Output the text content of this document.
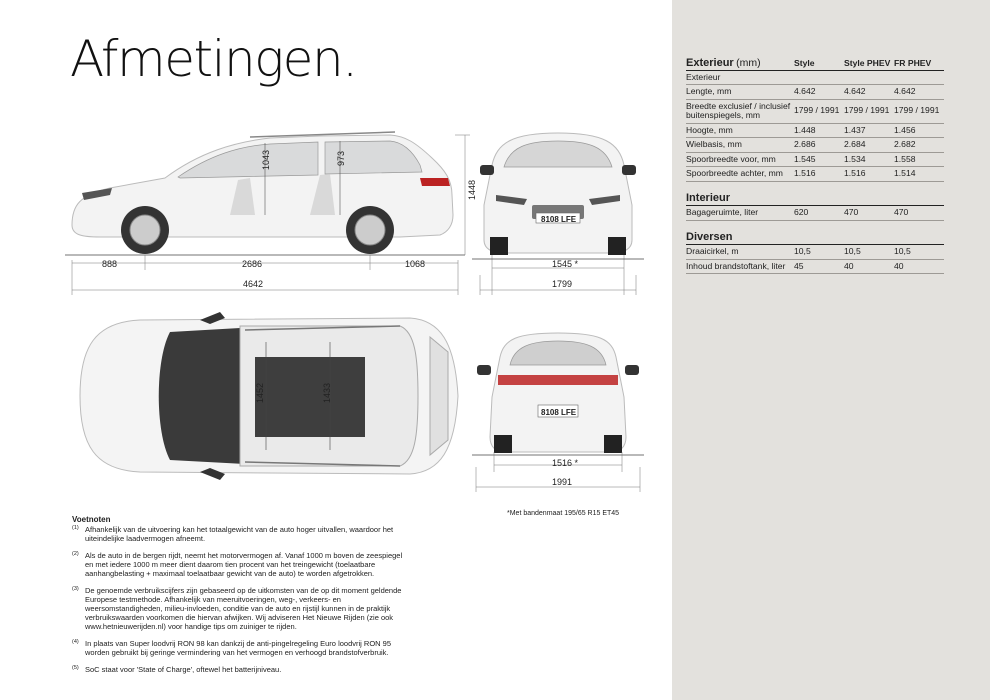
Afmetingen.
1043	973
1448
888	2686	1068
4642
8108 LFE
1545 *
1799
1452	1433
8108 LFE
1516 *
1991
*Met bandenmaat 195/65 R15 ET45
Exterieur (mm)	Style	Style PHEV	FR PHEV
Exterieur			
Lengte, mm	4.642	4.642	4.642
Breedte exclusief / inclusief buitenspiegels, mm	1799 / 1991	1799 / 1991	1799 / 1991
Hoogte, mm	1.448	1.437	1.456
Wielbasis, mm	2.686	2.684	2.682
Spoorbreedte voor, mm	1.545	1.534	1.558
Spoorbreedte achter, mm	1.516	1.516	1.514
Interieur			
Bagageruimte, liter	620	470	470
Diversen			
Draaicirkel, m	10,5	10,5	10,5
Inhoud brandstoftank, liter	45	40	40
Voetnoten
(1) Afhankelijk van de uitvoering kan het totaalgewicht van de auto hoger uitvallen, waardoor het uiteindelijke laadvermogen afneemt.
(2) Als de auto in de bergen rijdt, neemt het motorvermogen af. Vanaf 1000 m boven de zeespiegel en met iedere 1000 m meer dient daarom tien procent van het treingewicht (toelaatbare aanhangbelasting + maximaal toelaatbaar gewicht van de auto) te worden afgetrokken.
(3) De genoemde verbruikscijfers zijn gebaseerd op de uitkomsten van de op dit moment geldende Europese testmethode. Afhankelijk van meeruitvoeringen, weg-, verkeers- en weersomstandigheden, milieu-invloeden, conditie van de auto en rijstijl kunnen in de praktijk verbruikswaarden voorkomen die hiervan afwijken. Wij adviseren Het Nieuwe Rijden (zie ook www.hetnieuwerijden.nl) voor handige tips om zuiniger te rijden.
(4) In plaats van Super loodvrij RON 98 kan dankzij de anti-pingelregeling Euro loodvrij RON 95 worden gebruikt bij geringe vermindering van het vermogen en verhoogd brandstofverbruik.
(5) SoC staat voor 'State of Charge', oftewel het batterijniveau.
